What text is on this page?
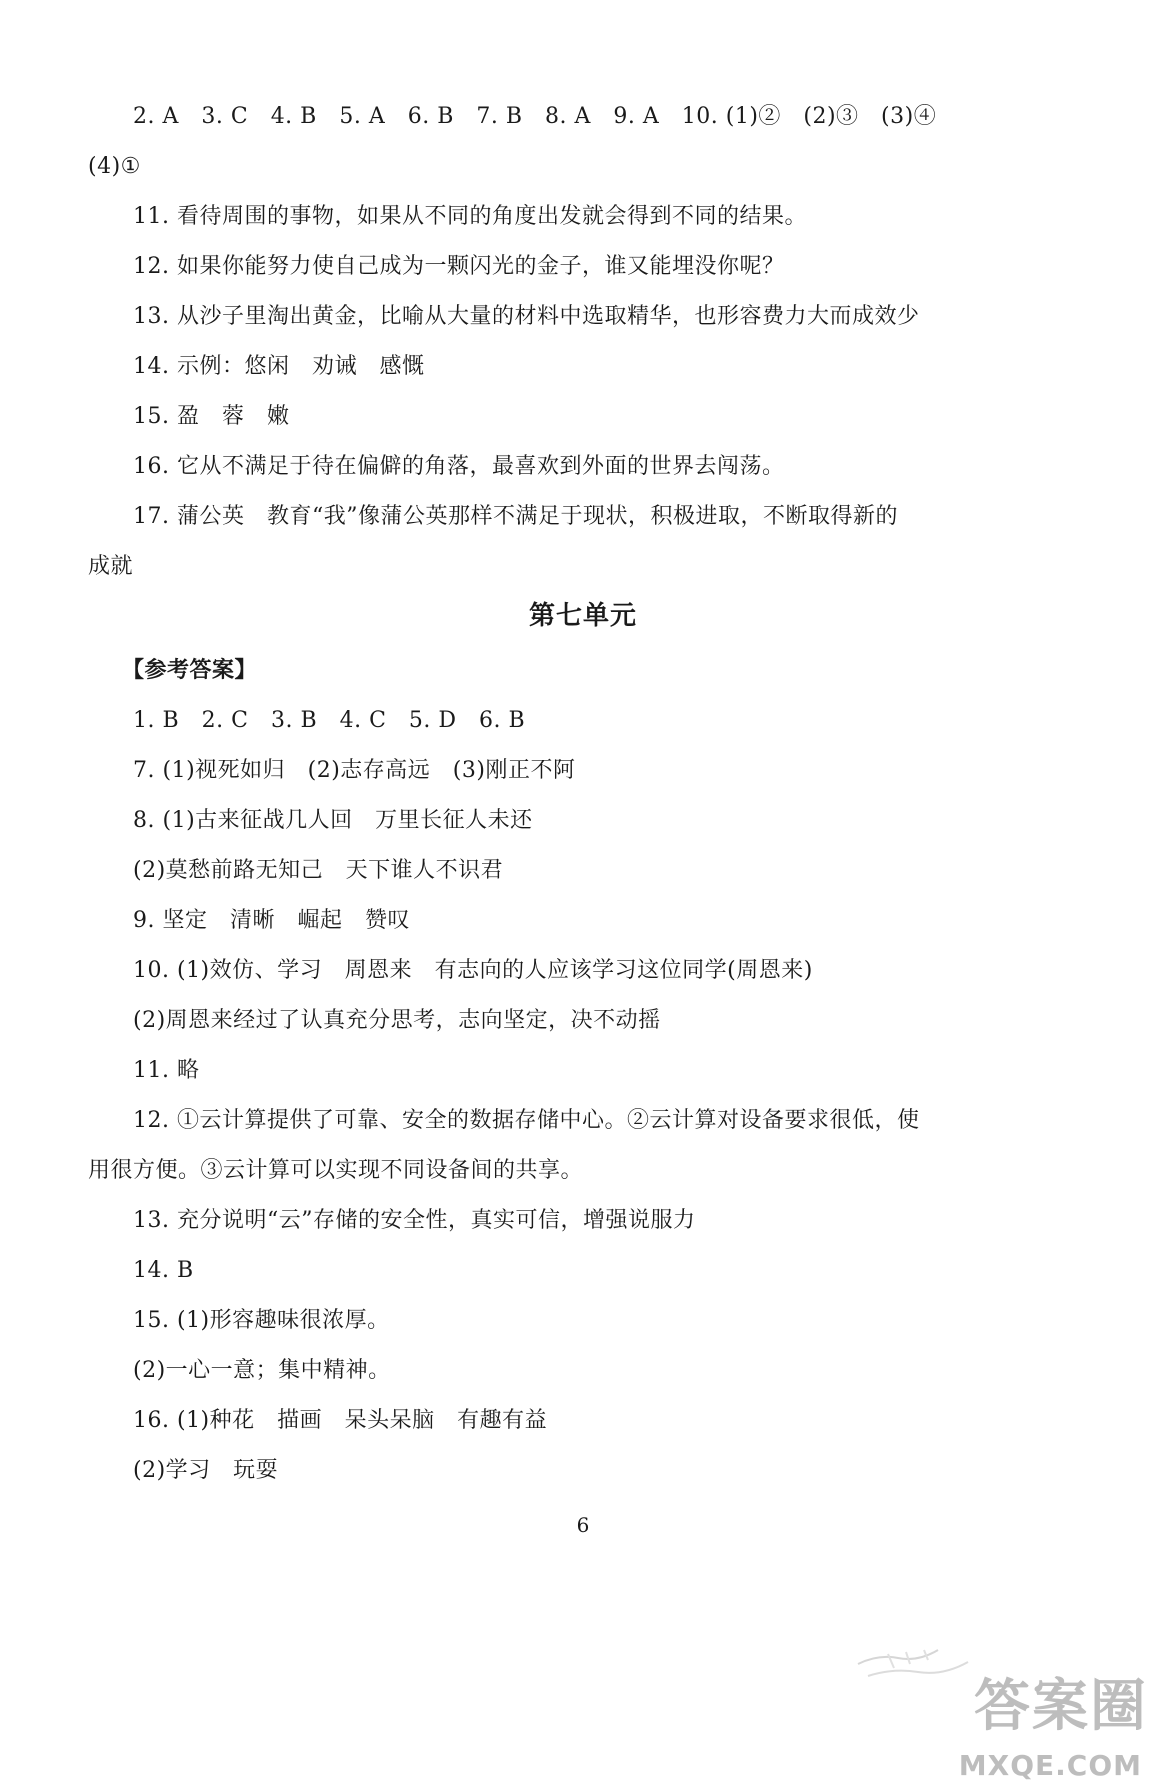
2. A　3. C　4. B　5. A　6. B　7. B　8. A　9. A　10. (1)②　(2)③　(3)④
(4)①
11. 看待周围的事物，如果从不同的角度出发就会得到不同的结果。
12. 如果你能努力使自己成为一颗闪光的金子，谁又能埋没你呢？
13. 从沙子里淘出黄金，比喻从大量的材料中选取精华，也形容费力大而成效少
14. 示例：悠闲　劝诫　感慨
15. 盈　蓉　嫩
16. 它从不满足于待在偏僻的角落，最喜欢到外面的世界去闯荡。
17. 蒲公英　教育“我”像蒲公英那样不满足于现状，积极进取，不断取得新的
成就
第七单元
【参考答案】
1. B　2. C　3. B　4. C　5. D　6. B
7. (1)视死如归　(2)志存高远　(3)刚正不阿
8. (1)古来征战几人回　万里长征人未还
(2)莫愁前路无知己　天下谁人不识君
9. 坚定　清晰　崛起　赞叹
10. (1)效仿、学习　周恩来　有志向的人应该学习这位同学(周恩来)
(2)周恩来经过了认真充分思考，志向坚定，决不动摇
11. 略
12. ①云计算提供了可靠、安全的数据存储中心。②云计算对设备要求很低，使
用很方便。③云计算可以实现不同设备间的共享。
13. 充分说明“云”存储的安全性，真实可信，增强说服力
14. B
15. (1)形容趣味很浓厚。
(2)一心一意；集中精神。
16. (1)种花　描画　呆头呆脑　有趣有益
(2)学习　玩耍
6
答案圈
MXQE.COM
